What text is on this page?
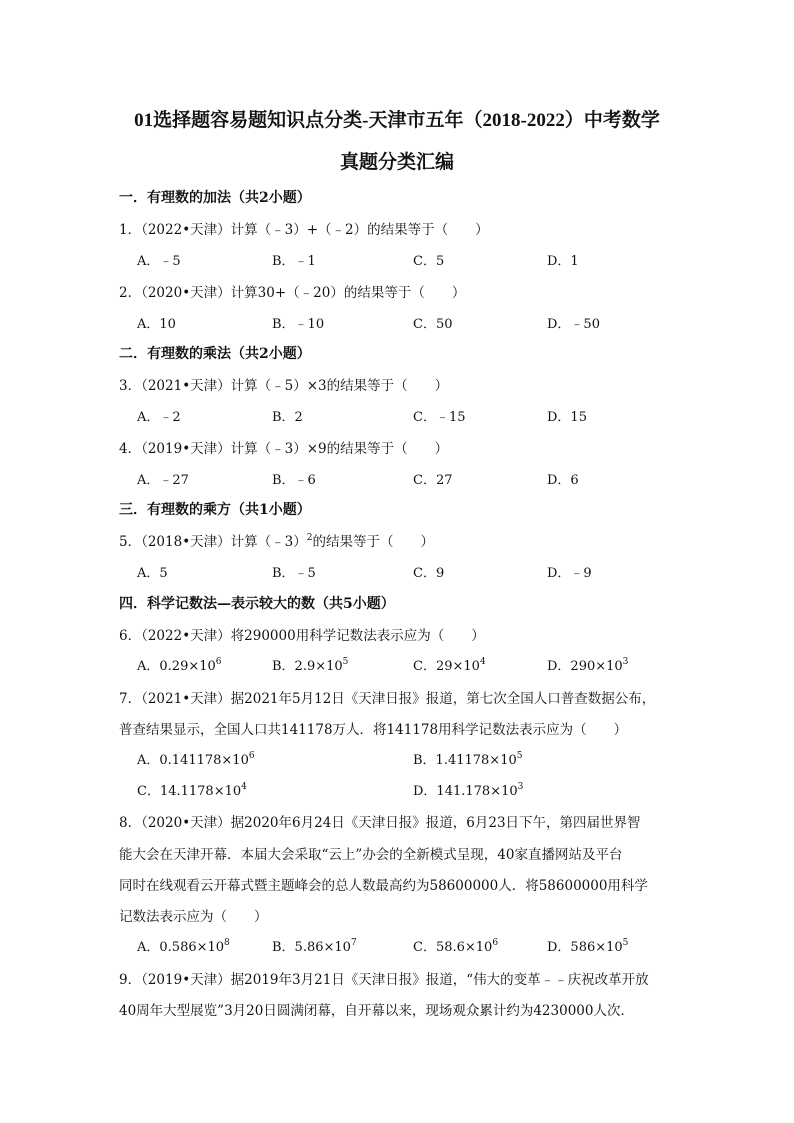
01选择题容易题知识点分类-天津市五年（2018-2022）中考数学
真题分类汇编
一．有理数的加法（共2小题）
1．（2022•天津）计算（﹣3）+（﹣2）的结果等于（　　）
A．﹣5	B．﹣1	C．5	D．1
2．（2020•天津）计算30+（﹣20）的结果等于（　　）
A．10	B．﹣10	C．50	D．﹣50
二．有理数的乘法（共2小题）
3．（2021•天津）计算（﹣5）×3的结果等于（　　）
A．﹣2	B．2	C．﹣15	D．15
4．（2019•天津）计算（﹣3）×9的结果等于（　　）
A．﹣27	B．﹣6	C．27	D．6
三．有理数的乘方（共1小题）
5．（2018•天津）计算（﹣3）$^2$的结果等于（　　）
A．5	B．﹣5	C．9	D．﹣9
四．科学记数法—表示较大的数（共5小题）
6．（2022•天津）将290000用科学记数法表示应为（　　）
A．$0.29\times 10^6$	B．$2.9\times 10^5$	C．$29\times 10^4$	D．$290\times 10^3$
7．（2021•天津）据2021年5月12日《天津日报》报道，第七次全国人口普查数据公布，
普查结果显示，全国人口共141178万人．将141178用科学记数法表示应为（　　）
A．$0.141178\times 10^6$	B．$1.41178\times 10^5$
C．$14.1178\times 10^4$	D．$141.178\times 10^3$
8．（2020•天津）据2020年6月24日《天津日报》报道，6月23日下午，第四届世界智
能大会在天津开幕．本届大会采取“云上”办会的全新模式呈现，40家直播网站及平台
同时在线观看云开幕式暨主题峰会的总人数最高约为58600000人．将58600000用科学
记数法表示应为（　　）
A．$0.586\times 10^8$	B．$5.86\times 10^7$	C．$58.6\times 10^6$	D．$586\times 10^5$
9．（2019•天津）据2019年3月21日《天津日报》报道，“伟大的变革﹣﹣庆祝改革开放
40周年大型展览”3月20日圆满闭幕，自开幕以来，现场观众累计约为4230000人次．
